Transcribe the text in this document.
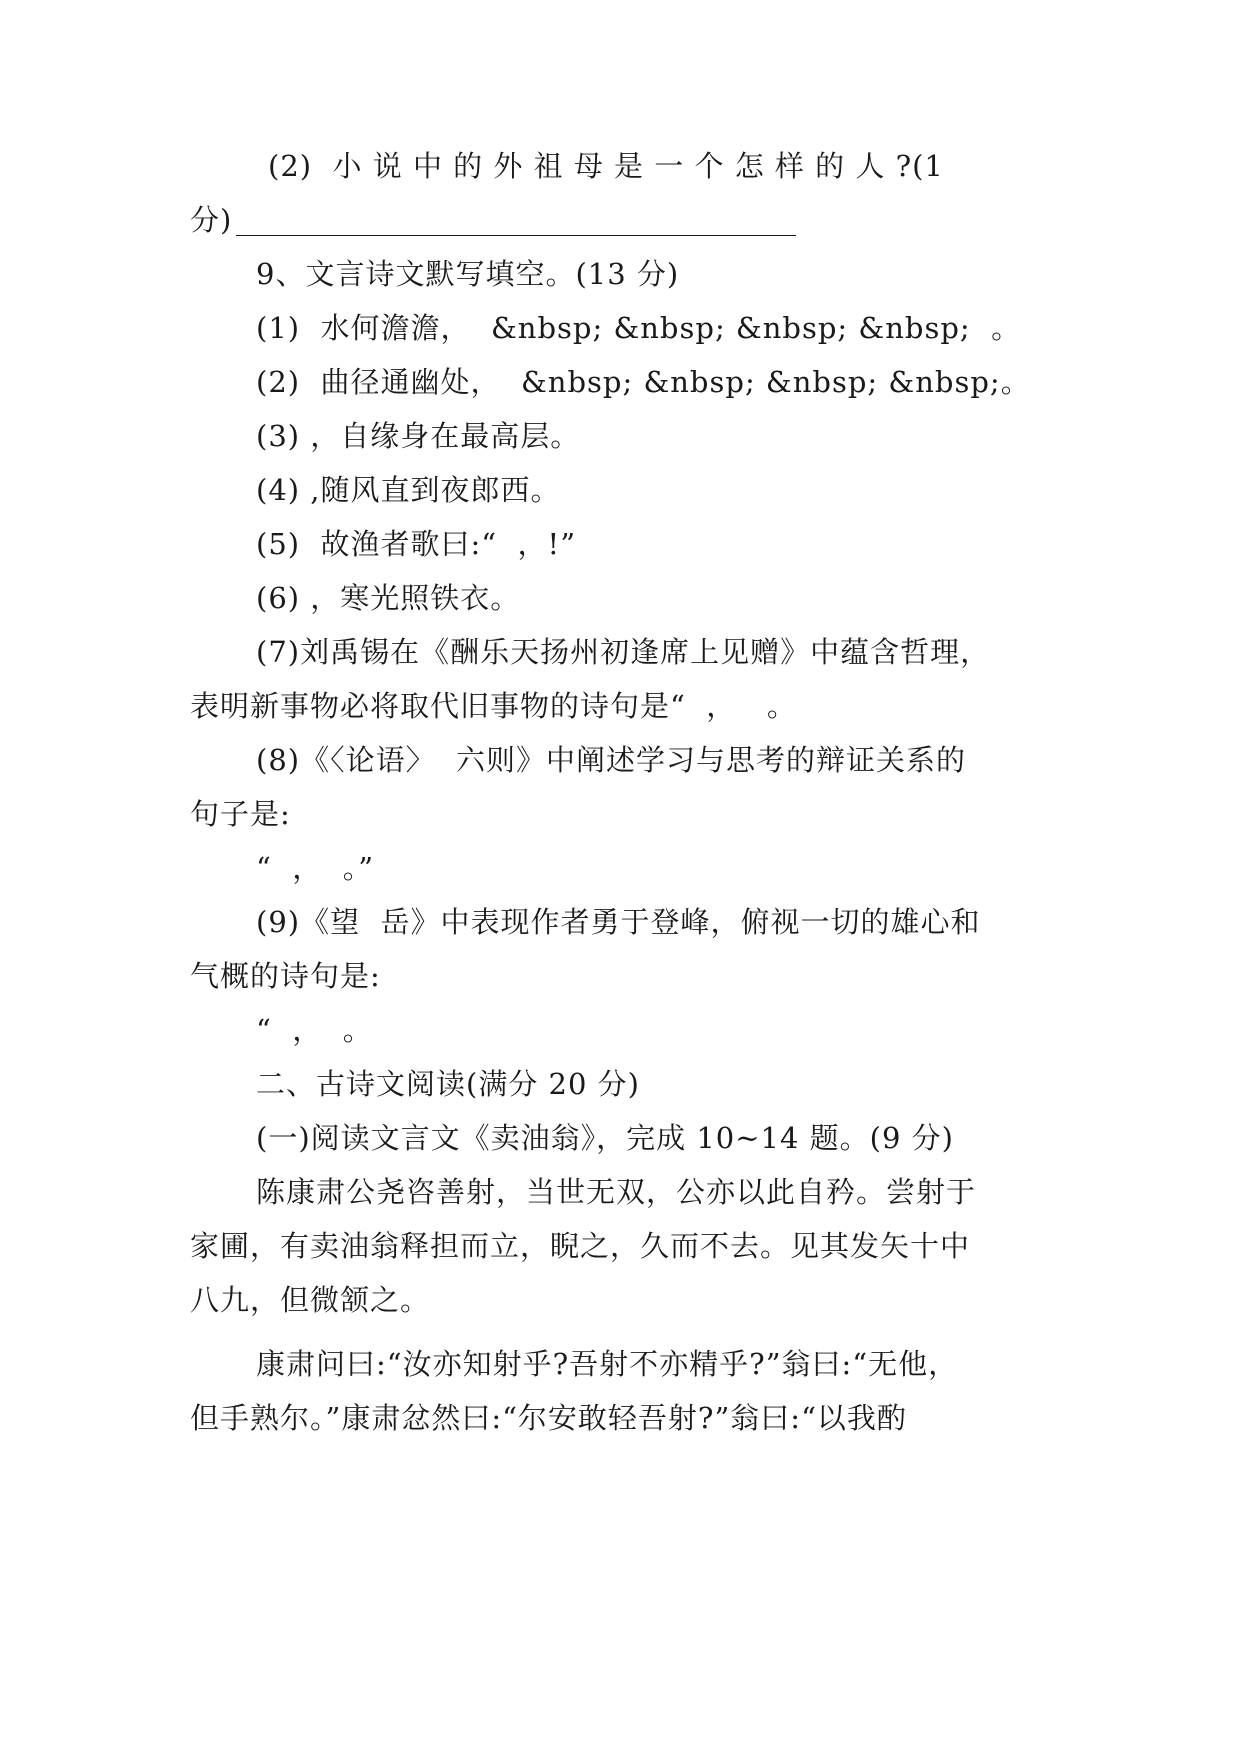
(2)  小 说 中 的 外 祖 母 是 一 个 怎 样 的 人 ?(1
分)
9、文言诗文默写填空。(13 分)
(1)  水何澹澹，  &nbsp; &nbsp; &nbsp; &nbsp;  。
(2)  曲径通幽处，  &nbsp; &nbsp; &nbsp; &nbsp;。
(3) ，自缘身在最高层。
(4) ,随风直到夜郎西。
(5)  故渔者歌曰:“  ，!”
(6) ，寒光照铁衣。
(7)刘禹锡在《酬乐天扬州初逢席上见赠》中蕴含哲理，
表明新事物必将取代旧事物的诗句是“  ，   。
(8)《〈论语〉  六则》中阐述学习与思考的辩证关系的
句子是:
“  ，  。”
(9)《望  岳》中表现作者勇于登峰，俯视一切的雄心和
气概的诗句是:
“  ，  。
二、古诗文阅读(满分 20 分)
(一)阅读文言文《卖油翁》，完成 10~14 题。(9 分)
陈康肃公尧咨善射，当世无双，公亦以此自矜。尝射于
家圃，有卖油翁释担而立，睨之，久而不去。见其发矢十中
八九，但微颔之。
康肃问曰:“汝亦知射乎?吾射不亦精乎?”翁曰:“无他，
但手熟尔。”康肃忿然曰:“尔安敢轻吾射?”翁曰:“以我酌
